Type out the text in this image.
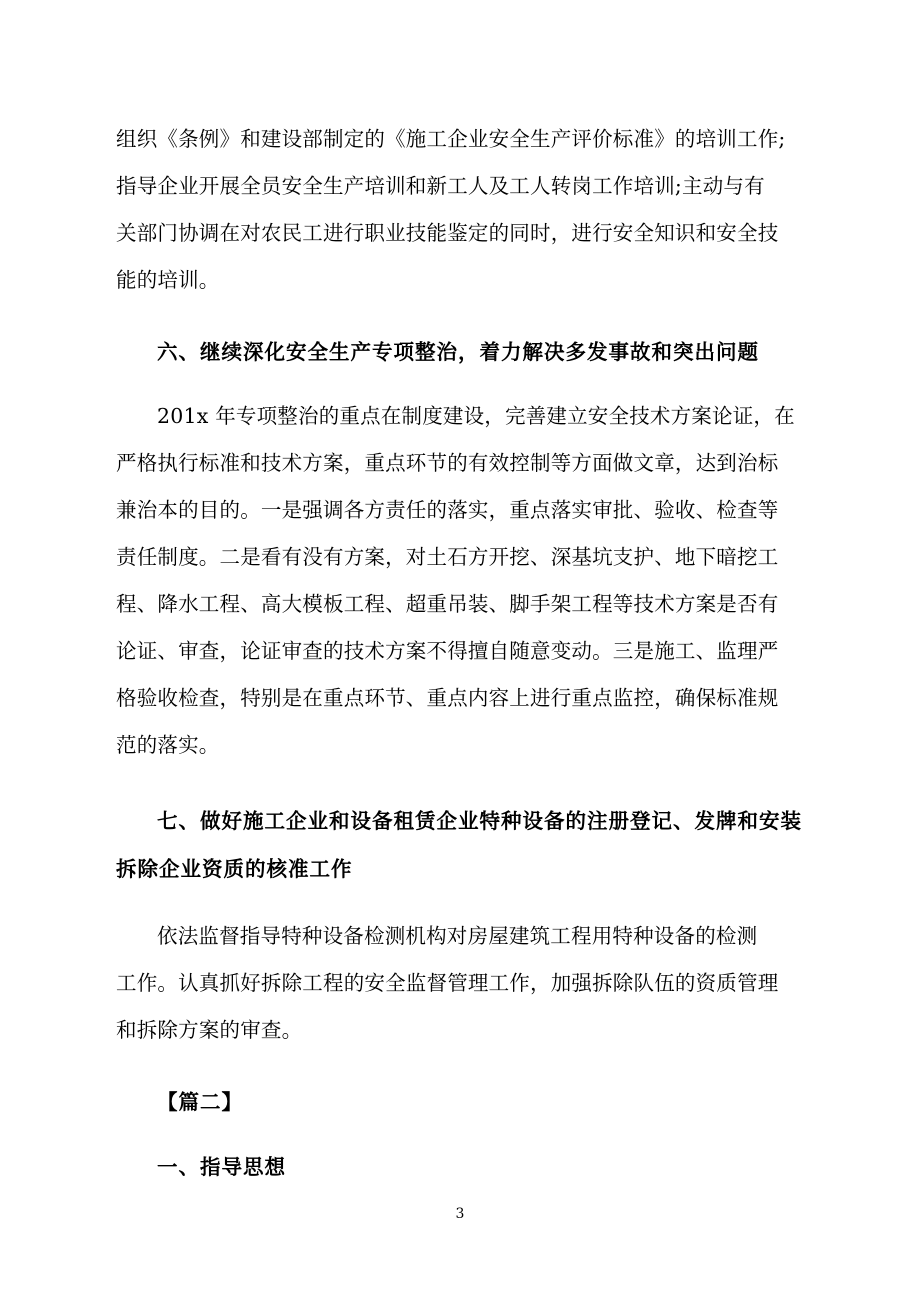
组织《条例》和建设部制定的《施工企业安全生产评价标准》的培训工作;
指导企业开展全员安全生产培训和新工人及工人转岗工作培训;主动与有
关部门协调在对农民工进行职业技能鉴定的同时，进行安全知识和安全技
能的培训。
六、继续深化安全生产专项整治，着力解决多发事故和突出问题
201x 年专项整治的重点在制度建设，完善建立安全技术方案论证，在
严格执行标准和技术方案，重点环节的有效控制等方面做文章，达到治标
兼治本的目的。一是强调各方责任的落实，重点落实审批、验收、检查等
责任制度。二是看有没有方案，对土石方开挖、深基坑支护、地下暗挖工
程、降水工程、高大模板工程、超重吊装、脚手架工程等技术方案是否有
论证、审查，论证审查的技术方案不得擅自随意变动。三是施工、监理严
格验收检查，特别是在重点环节、重点内容上进行重点监控，确保标准规
范的落实。
七、做好施工企业和设备租赁企业特种设备的注册登记、发牌和安装
拆除企业资质的核准工作
依法监督指导特种设备检测机构对房屋建筑工程用特种设备的检测
工作。认真抓好拆除工程的安全监督管理工作，加强拆除队伍的资质管理
和拆除方案的审查。
【篇二】
一、指导思想
3
